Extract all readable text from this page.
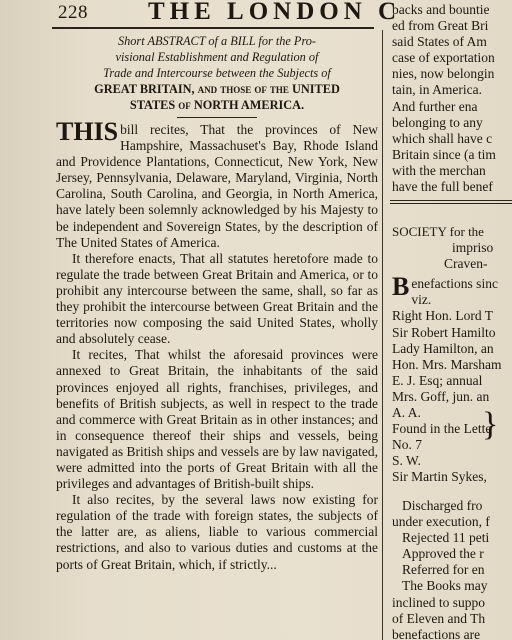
228 THE LONDON C
Short ABSTRACT of a BILL for the Pro-
visional Establishment and Regulation of
Trade and Intercourse between the Subjects of
GREAT BRITAIN, and those of the UNITED
STATES of NORTH AMERICA.

THIS bill recites, That the provinces of New Hampshire, Massachuset's Bay, Rhode Island and Providence Plantations, Connecticut, New York, New Jersey, Pennsylvania, Delaware, Maryland, Virginia, North Carolina, South Carolina, and Georgia, in North America, have lately been solemnly acknowledged by his Majesty to be independent and Sovereign States, by the description of The United States of America.

It therefore enacts, That all statutes heretofore made to regulate the trade between Great Britain and America, or to prohibit any intercourse between the same, shall, so far as they prohibit the intercourse between Great Britain and the territories now composing the said United States, wholly and absolutely cease.

It recites, That whilst the aforesaid provinces were annexed to Great Britain, the inhabitants of the said provinces enjoyed all rights, franchises, privileges, and benefits of British subjects, as well in respect to the trade and commerce with Great Britain as in other instances; and in consequence thereof their ships and vessels, being navigated as British ships and vessels are by law navigated, were admitted into the ports of Great Britain with all the privileges and advantages of British-built ships.

It also recites, by the several laws now existing for regulation of the trade with foreign states, the subjects of the latter are, as aliens, liable to various commercial restrictions, and also to various duties and customs at the ports of Great Britain, which, if strictly...

backs and bountie

ed from Great Bri

said States of Am

case of exportation

nies, now belongin

tain, in America.

And further ena

belonging to any

which shall have c

Britain since (a tim

with the merchan

have the full benef

SOCIETY for the

impriso

Craven-

Benefactions sinc

viz.

Right Hon. Lord T

Sir Robert Hamilto

Lady Hamilton, an

Hon. Mrs. Marsham

E. J. Esq; annual

Mrs. Goff, jun. an

A. A.

Found in the Lette

No. 7

S. W.

Sir Martin Sykes,

}

Discharged fro

under execution, f

Rejected 11 peti

Approved the r

Referred for en

The Books may

inclined to suppo

of Eleven and Th

benefactions are
